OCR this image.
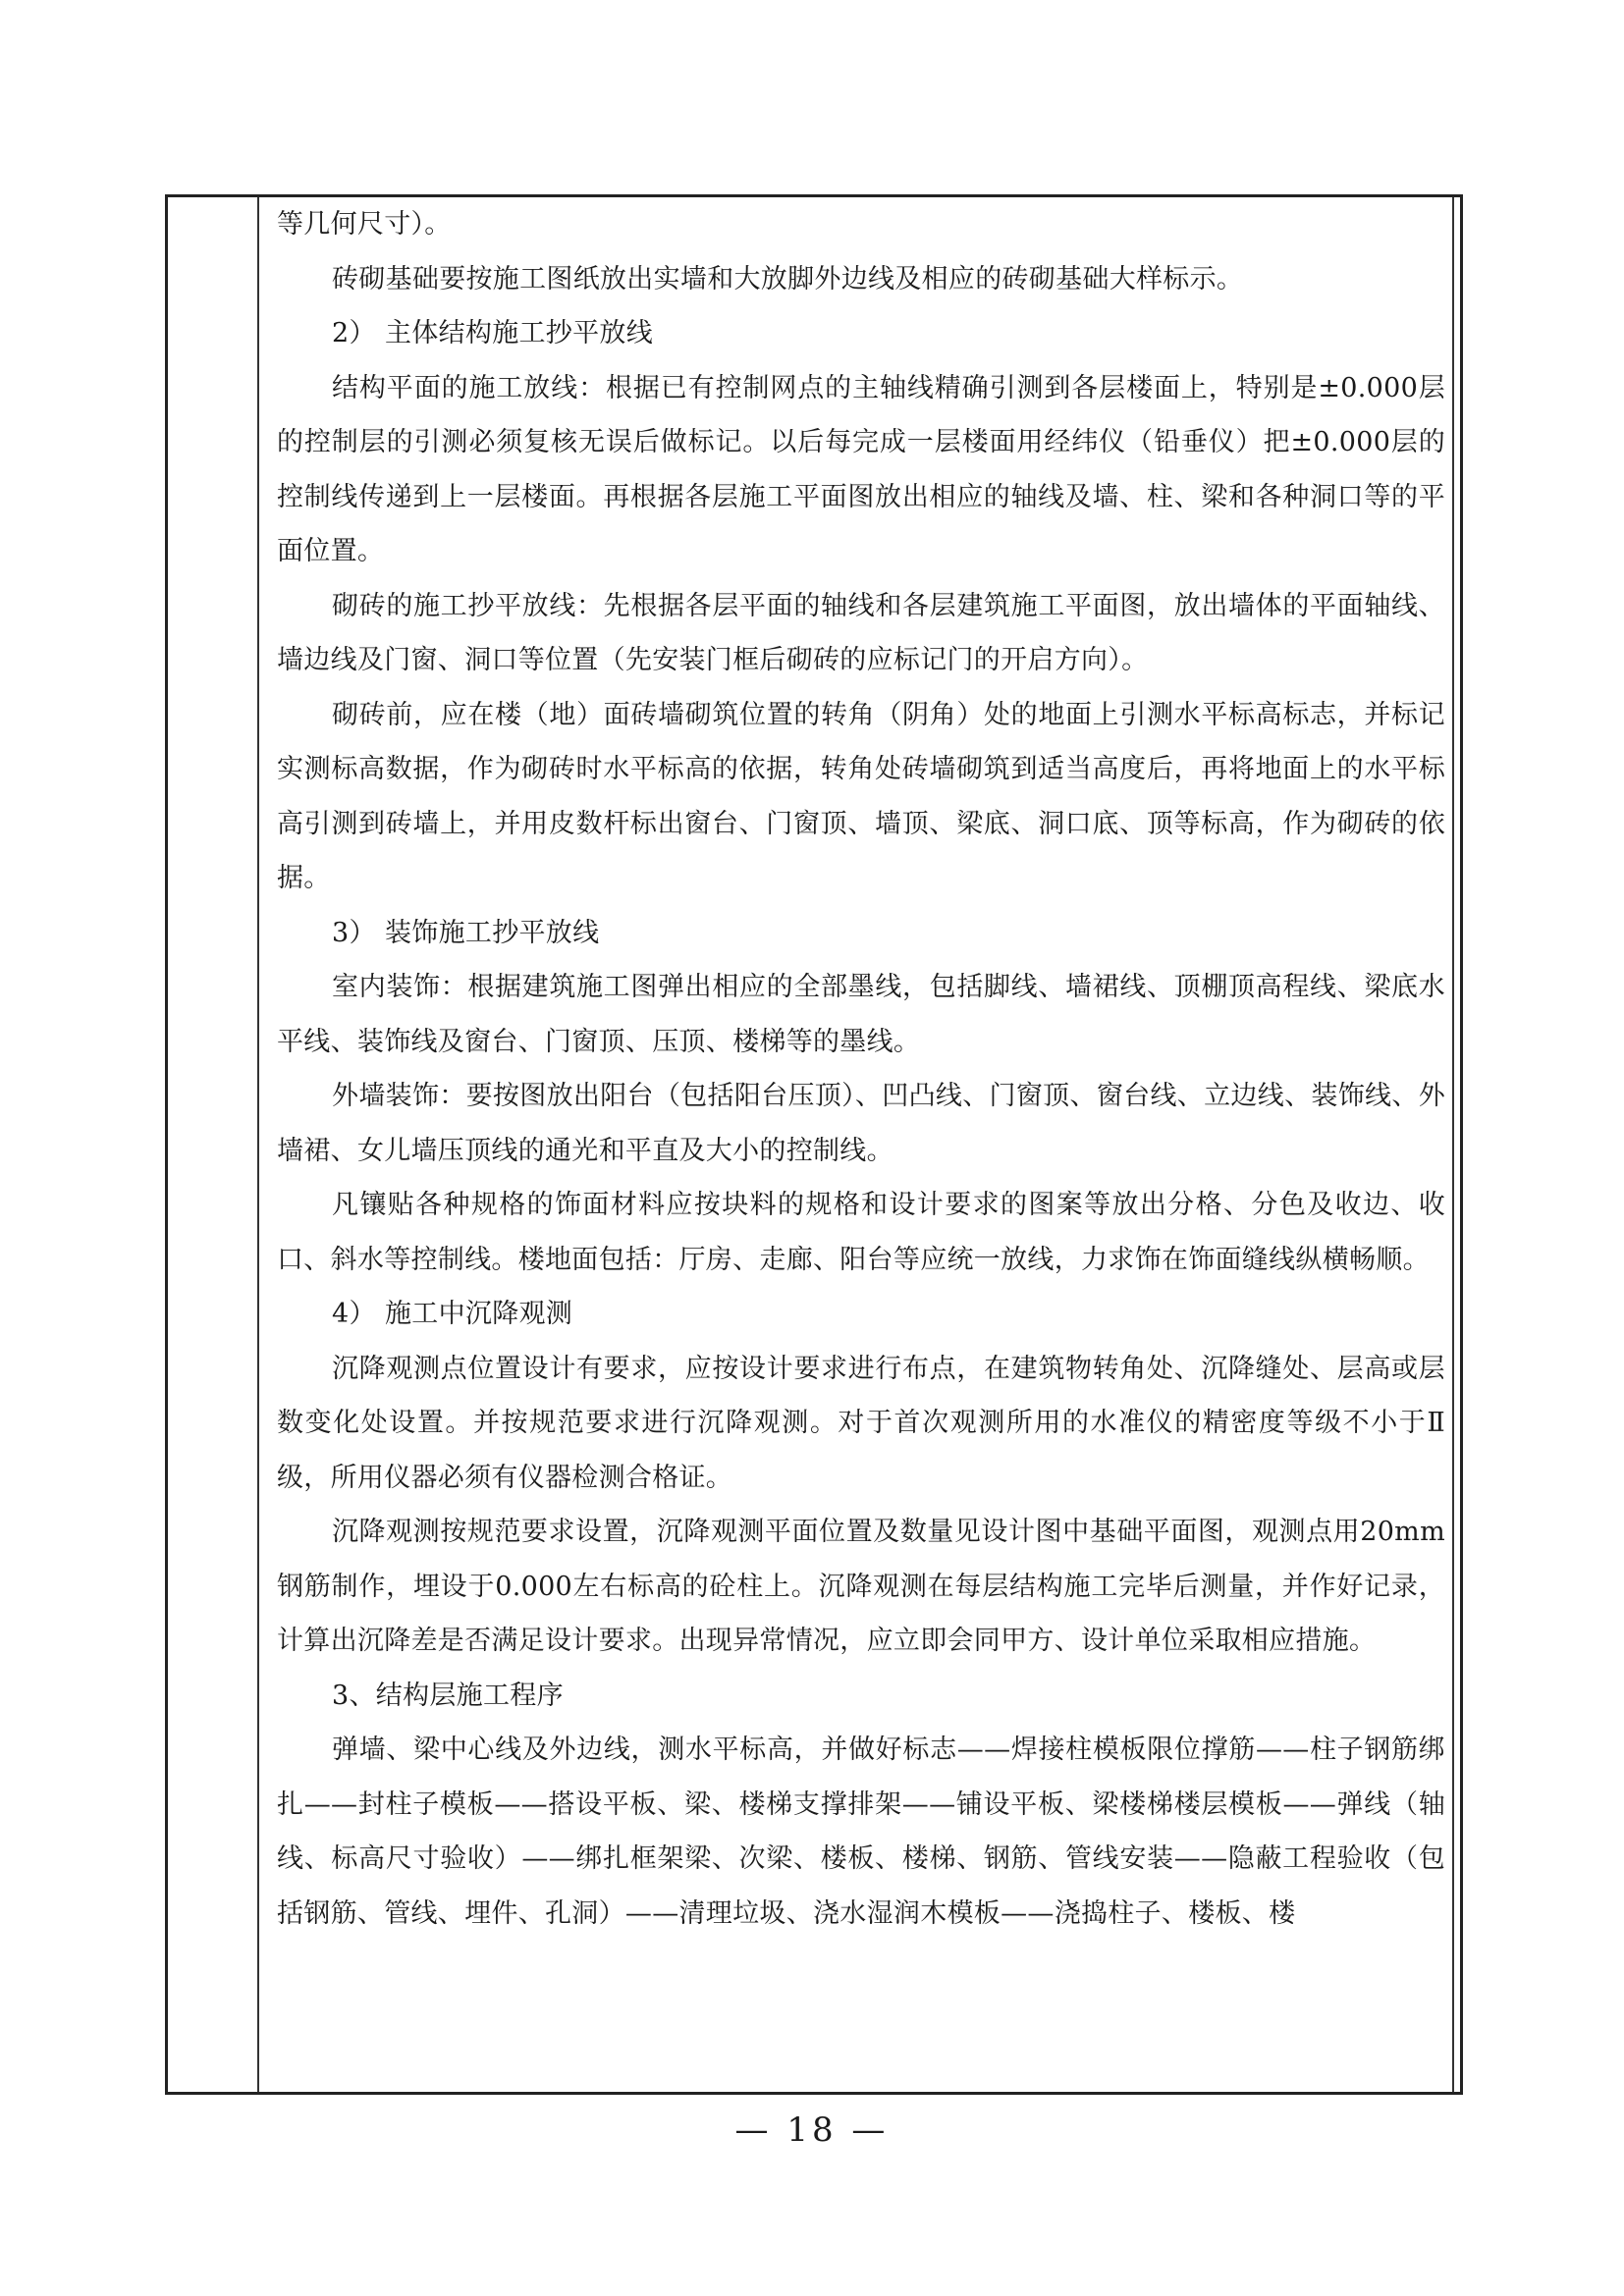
等几何尺寸）。

砖砌基础要按施工图纸放出实墙和大放脚外边线及相应的砖砌基础大样标示。

2） 主体结构施工抄平放线

结构平面的施工放线：根据已有控制网点的主轴线精确引测到各层楼面上，特别是±0.000层的控制层的引测必须复核无误后做标记。以后每完成一层楼面用经纬仪（铅垂仪）把±0.000层的控制线传递到上一层楼面。再根据各层施工平面图放出相应的轴线及墙、柱、梁和各种洞口等的平面位置。

砌砖的施工抄平放线：先根据各层平面的轴线和各层建筑施工平面图，放出墙体的平面轴线、墙边线及门窗、洞口等位置（先安装门框后砌砖的应标记门的开启方向）。

砌砖前，应在楼（地）面砖墙砌筑位置的转角（阴角）处的地面上引测水平标高标志，并标记实测标高数据，作为砌砖时水平标高的依据，转角处砖墙砌筑到适当高度后，再将地面上的水平标高引测到砖墙上，并用皮数杆标出窗台、门窗顶、墙顶、梁底、洞口底、顶等标高，作为砌砖的依据。

3） 装饰施工抄平放线

室内装饰：根据建筑施工图弹出相应的全部墨线，包括脚线、墙裙线、顶棚顶高程线、梁底水平线、装饰线及窗台、门窗顶、压顶、楼梯等的墨线。

外墙装饰：要按图放出阳台（包括阳台压顶）、凹凸线、门窗顶、窗台线、立边线、装饰线、外墙裙、女儿墙压顶线的通光和平直及大小的控制线。

凡镶贴各种规格的饰面材料应按块料的规格和设计要求的图案等放出分格、分色及收边、收口、斜水等控制线。楼地面包括：厅房、走廊、阳台等应统一放线，力求饰在饰面缝线纵横畅顺。

4） 施工中沉降观测

沉降观测点位置设计有要求，应按设计要求进行布点，在建筑物转角处、沉降缝处、层高或层数变化处设置。并按规范要求进行沉降观测。对于首次观测所用的水准仪的精密度等级不小于Ⅱ级，所用仪器必须有仪器检测合格证。

沉降观测按规范要求设置，沉降观测平面位置及数量见设计图中基础平面图，观测点用20mm 钢筋制作，埋设于0.000左右标高的砼柱上。沉降观测在每层结构施工完毕后测量，并作好记录，计算出沉降差是否满足设计要求。出现异常情况，应立即会同甲方、设计单位采取相应措施。

3、结构层施工程序

弹墙、梁中心线及外边线，测水平标高，并做好标志——焊接柱模板限位撑筋——柱子钢筋绑扎——封柱子模板——搭设平板、梁、楼梯支撑排架——铺设平板、梁楼梯楼层模板——弹线（轴线、标高尺寸验收）——绑扎框架梁、次梁、楼板、楼梯、钢筋、管线安装——隐蔽工程验收（包括钢筋、管线、埋件、孔洞）——清理垃圾、浇水湿润木模板——浇捣柱子、楼板、楼

— 18 —
